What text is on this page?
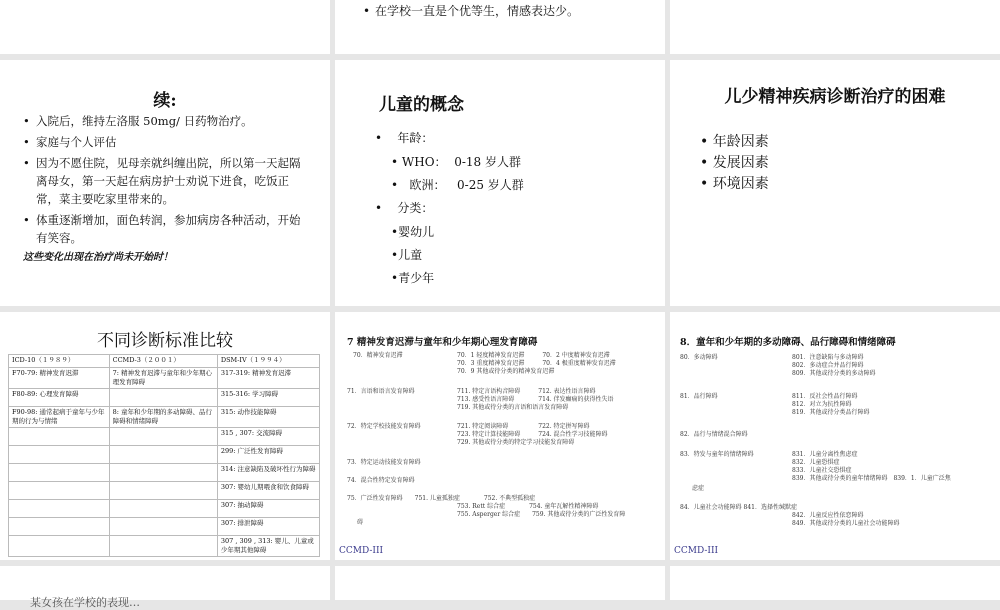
• 在学校一直是个优等生，情感表达少。
续:
• 入院后，维持左洛服 50mg/ 日药物治疗。
• 家庭与个人评估
• 因为不愿住院，见母亲就纠缠出院，所以第一天起隔离母女，第一天起在病房护士劝说下进食，吃饭正常，菜主要吃家里带来的。
• 体重逐渐增加，面色转润，参加病房各种活动，开始有笑容。
这些变化出现在治疗尚未开始时！
儿童的概念
• 年龄：
• WHO： 0-18 岁人群
• 欧洲： 0-25 岁人群
• 分类：
•婴幼儿
•儿童
•青少年
儿少精神疾病诊断治疗的困难
• 年龄因素
• 发展因素
• 环境因素
不同诊断标准比较
ICD-10（１９８９）	CCMD-3（２００１）	DSM-IV（１９９４）
F70-79: 精神发育迟滞	7: 精神发育迟滞与童年和少年期心理发育障碍	317-319: 精神发育迟滞
F80-89: 心理发育障碍		315-316: 学习障碍
F90-98: 通常起病于童年与少年期的行为与情绪	8: 童年和少年期的多动障碍、品行障碍和情绪障碍	315: 动作技能障碍
		315 , 307: 交流障碍
		299: 广泛性发育障碍
		314: 注意缺陷及破坏性行为障碍
		307: 婴幼儿期喂食和饮食障碍
		307: 抽动障碍
		307: 排泄障碍
		307 , 309 , 313: 婴儿、儿童或少年期其他障碍
7 精神发育迟滞与童年和少年期心理发育障碍
70．精神发育迟滞	70．1 轻度精神发育迟滞　　　70．2 中度精神发育迟滞
70．3 重度精神发育迟滞　　　70．4 极重度精神发育迟滞
70．9 其他或待分类的精神发育迟滞
71．言语和语言发育障碍	711. 特定言语构音障碍　　　712. 表达性语言障碍
713. 感受性语言障碍　　　　714. 伴发癫痫的获得性失语
719. 其他或待分类的言语和语言发育障碍
72．特定学校技能发育障碍	721. 特定阅读障碍　　　　　722. 特定拼写障碍
723. 特定计算技能障碍　　　724. 混合性学习技能障碍
729. 其他或待分类的特定学习技能发育障碍
73．特定运动技能发育障碍
74．混合性特定发育障碍
75．广泛性发育障碍　　751. 儿童孤独症　　　　752. 不典型孤独症
753. Rett 综合症　　　　754. 童年瓦解性精神障碍
755. Asperger 综合症　　759. 其他或待分类的广泛性发育障
碍
CCMD-III
8．童年和少年期的多动障碍、品行障碍和情绪障碍
80．多动障碍	801．注意缺陷与多动障碍
802．多动症合并品行障碍
809．其他或待分类的多动障碍
81．品行障碍	811．反社会性品行障碍
812．对立为抗性障碍
819．其他或待分类品行障碍
82．品行与情绪混合障碍
83．特发与童年的情绪障碍	831．儿童分离性焦虑症
832．儿童恐惧症
833．儿童社交恐惧症
839．其他或待分类的童年情绪障碍　839．1．儿童广泛焦
虑症
84．儿童社会功能障碍 841．选择性缄默症
842．儿童反应性依恋障碍
849．其他或待分类的儿童社会功能障碍
CCMD-III
某女孩在学校的表现…
